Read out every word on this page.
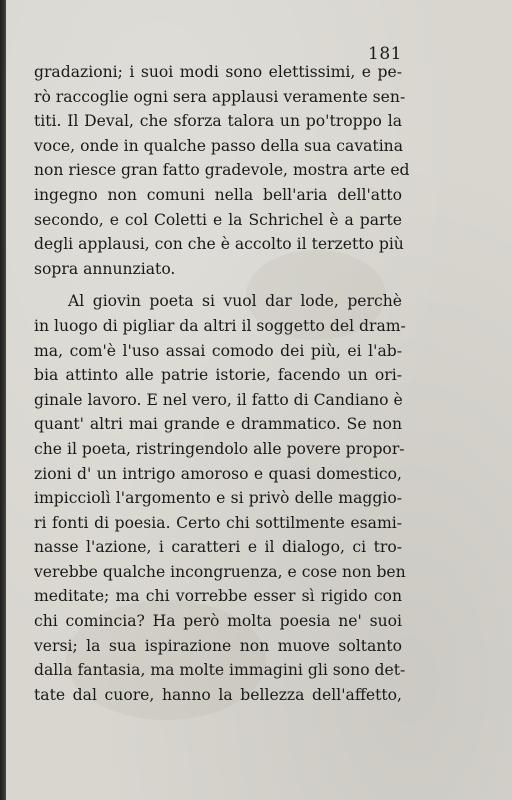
181
gradazioni; i suoi modi sono elettissimi, e pe-
rò raccoglie ogni sera applausi veramente sen-
titi. Il Deval, che sforza talora un po'troppo la
voce, onde in qualche passo della sua cavatina
non riesce gran fatto gradevole, mostra arte ed
ingegno non comuni nella bell'aria dell'atto
secondo, e col Coletti e la Schrichel è a parte
degli applausi, con che è accolto il terzetto più
sopra annunziato.
Al giovin poeta si vuol dar lode, perchè
in luogo di pigliar da altri il soggetto del dram-
ma, com'è l'uso assai comodo dei più, ei l'ab-
bia attinto alle patrie istorie, facendo un ori-
ginale lavoro. E nel vero, il fatto di Candiano è
quant' altri mai grande e drammatico. Se non
che il poeta, ristringendolo alle povere propor-
zioni d' un intrigo amoroso e quasi domestico,
impicciolì l'argomento e si privò delle maggio-
ri fonti di poesia. Certo chi sottilmente esami-
nasse l'azione, i caratteri e il dialogo, ci tro-
verebbe qualche incongruenza, e cose non ben
meditate; ma chi vorrebbe esser sì rigido con
chi comincia? Ha però molta poesia ne' suoi
versi; la sua ispirazione non muove soltanto
dalla fantasia, ma molte immagini gli sono det-
tate dal cuore, hanno la bellezza dell'affetto,
